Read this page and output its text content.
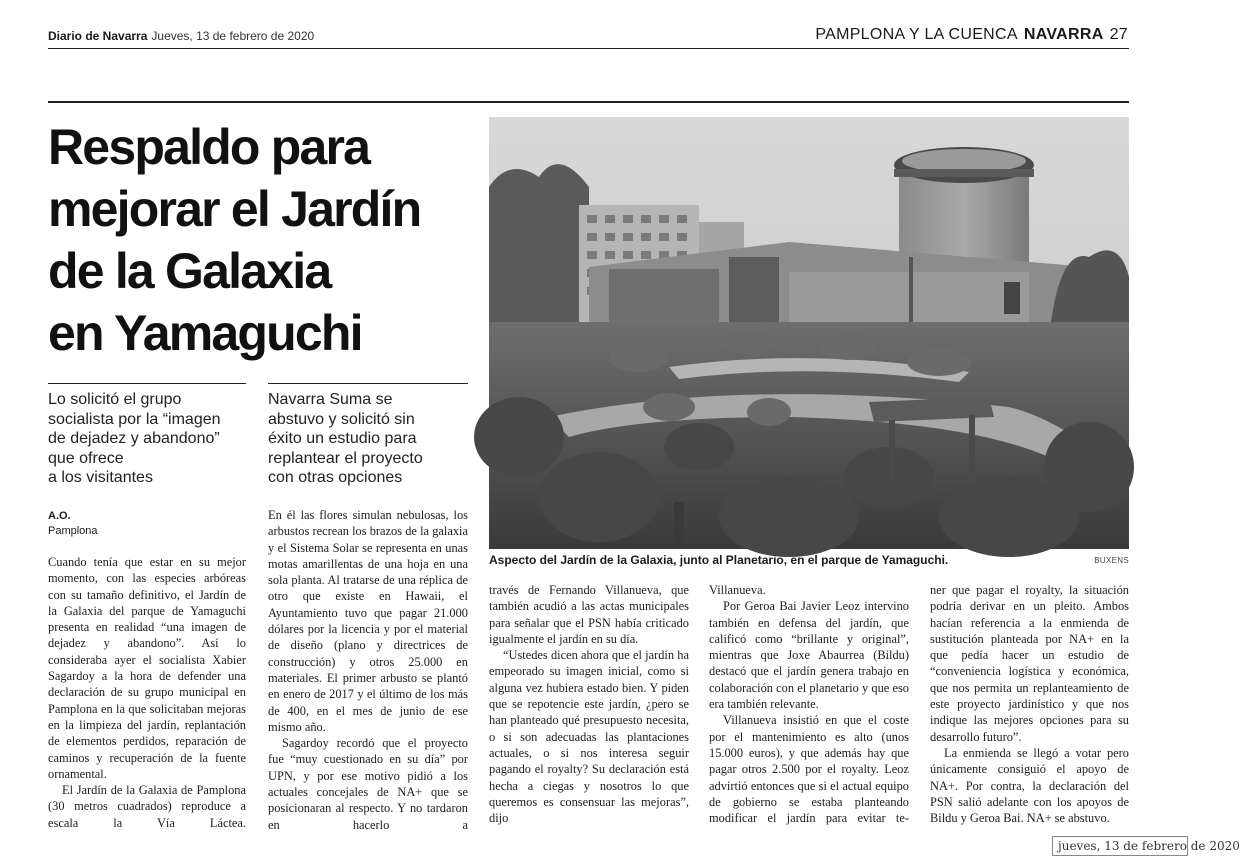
Diario de Navarra Jueves, 13 de febrero de 2020	PAMPLONA Y LA CUENCA NAVARRA 27
Respaldo para
mejorar el Jardín
de la Galaxia
en Yamaguchi
Lo solicitó el grupo
socialista por la “imagen
de dejadez y abandono”
que ofrece
a los visitantes
Navarra Suma se
abstuvo y solicitó sin
éxito un estudio para
replantear el proyecto
con otras opciones
A.O.
Pamplona
Aspecto del Jardín de la Galaxia, junto al Planetario, en el parque de Yamaguchi.	BUXENS

Cuando tenía que estar en su mejor momento, con las especies arbóreas con su tamaño definitivo, el Jardín de la Galaxia del parque de Yamaguchi presenta en realidad “una imagen de dejadez y abandono”. Así lo consideraba ayer el socialista Xabier Sagardoy a la hora de defender una declaración de su grupo municipal en Pamplona en la que solicitaban mejoras en la limpieza del jardín, replantación de elementos perdidos, reparación de caminos y recuperación de la fuente ornamental.

El Jardín de la Galaxia de Pamplona (30 metros cuadrados) reproduce a escala la Vía Láctea.

En él las flores simulan nebulosas, los arbustos recrean los brazos de la galaxia y el Sistema Solar se representa en unas motas amarillentas de una hoja en una sola planta. Al tratarse de una réplica de otro que existe en Hawaii, el Ayuntamiento tuvo que pagar 21.000 dólares por la licencia y por el material de diseño (plano y directrices de construcción) y otros 25.000 en materiales. El primer arbusto se plantó en enero de 2017 y el último de los más de 400, en el mes de junio de ese mismo año.

Sagardoy recordó que el proyecto fue “muy cuestionado en su día” por UPN, y por ese motivo pidió a los actuales concejales de NA+ que se posicionaran al respecto. Y no tardaron en hacerlo a

través de Fernando Villanueva, que también acudió a las actas municipales para señalar que el PSN había criticado igualmente el jardín en su día.

“Ustedes dicen ahora que el jardín ha empeorado su imagen inicial, como si alguna vez hubiera estado bien. Y piden que se repotencie este jardín, ¿pero se han planteado qué presupuesto necesita, o si son adecuadas las plantaciones actuales, o si nos interesa seguir pagando el royalty? Su declaración está hecha a ciegas y nosotros lo que queremos es consensuar las mejoras”, dijo

Villanueva.

Por Geroa Bai Javier Leoz intervino también en defensa del jardín, que calificó como “brillante y original”, mientras que Joxe Abaurrea (Bildu) destacó que el jardín genera trabajo en colaboración con el planetario y que eso era también relevante.

Villanueva insistió en que el coste por el mantenimiento es alto (unos 15.000 euros), y que además hay que pagar otros 2.500 por el royalty. Leoz advirtió entonces que si el actual equipo de gobierno se estaba planteando modificar el jardín para evitar te-

ner que pagar el royalty, la situación podría derivar en un pleito. Ambos hacían referencia a la enmienda de sustitución planteada por NA+ en la que pedía hacer un estudio de “conveniencia logística y económica, que nos permita un replanteamiento de este proyecto jardinístico y que nos indique las mejores opciones para su desarrollo futuro”.

La enmienda se llegó a votar pero únicamente consiguió el apoyo de NA+. Por contra, la declaración del PSN salió adelante con los apoyos de Bildu y Geroa Bai. NA+ se abstuvo.

jueves, 13 de febrero de 2020
